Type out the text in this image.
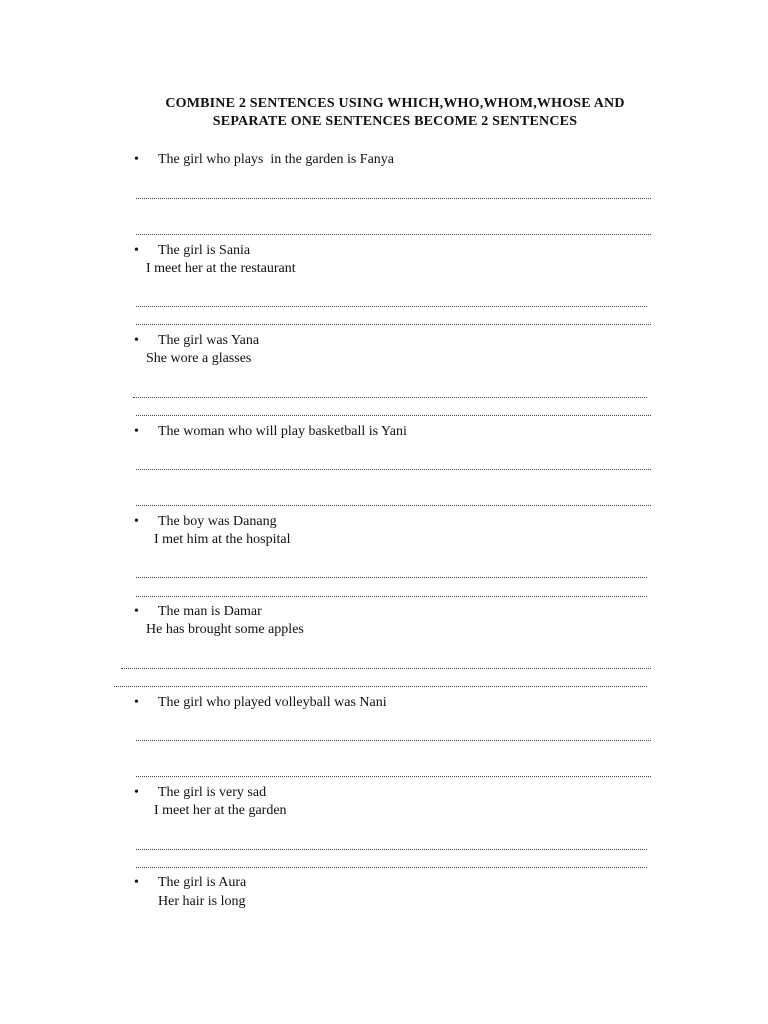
COMBINE 2 SENTENCES USING WHICH,WHO,WHOM,WHOSE AND
SEPARATE ONE SENTENCES BECOME 2 SENTENCES
• The girl who plays  in the garden is Fanya
• The girl is Sania
I meet her at the restaurant
• The girl was Yana
She wore a glasses
• The woman who will play basketball is Yani
• The boy was Danang
I met him at the hospital
• The man is Damar
He has brought some apples
• The girl who played volleyball was Nani
• The girl is very sad
I meet her at the garden
• The girl is Aura
Her hair is long
